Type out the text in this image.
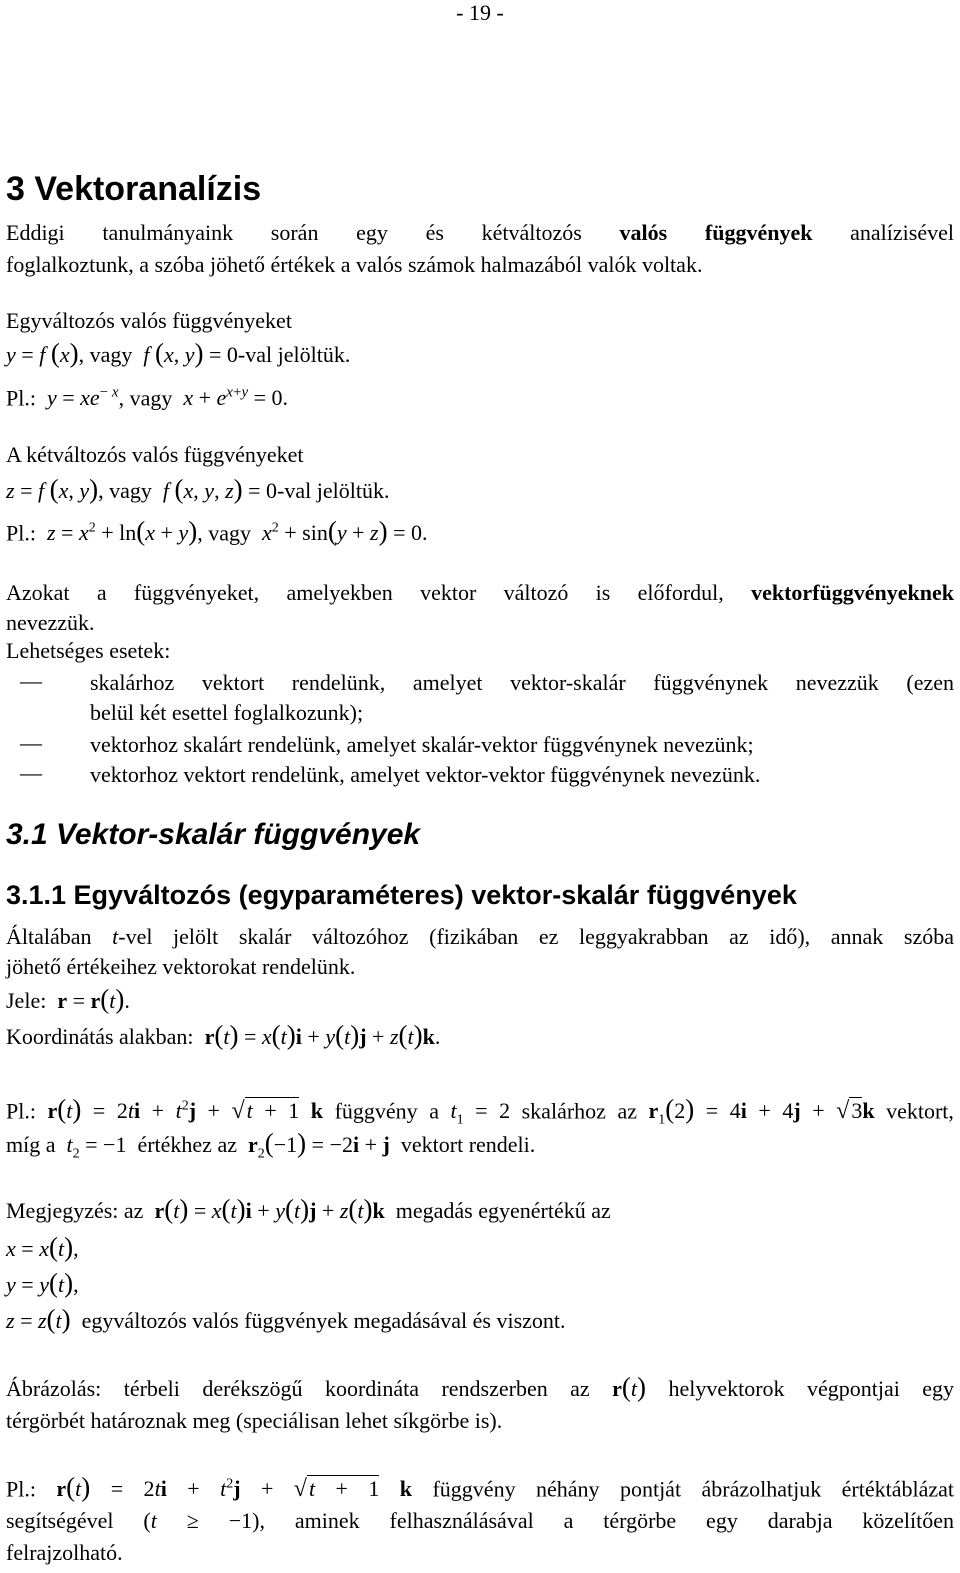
- 19 -
3 Vektoranalízis
Eddigi tanulmányaink során egy és kétváltozós valós függvények analízisével
foglalkoztunk, a szóba jöhető értékek a valós számok halmazából valók voltak.
Egyváltozós valós függvényeket
y = f (x), vagy f (x, y) = 0-val jelöltük.
Pl.: $y = xe^{- x}$, vagy $x + e^{x+y} = 0$.
A kétváltozós valós függvényeket
z = f (x, y), vagy f (x, y, z) = 0-val jelöltük.
Pl.: $z = x^2 + \ln(x + y)$, vagy $x^2 + \sin(y + z) = 0$.
Azokat a függvényeket, amelyekben vektor változó is előfordul, vektorfüggvényeknek
nevezzük.
Lehetséges esetek:
—	skalárhoz vektort rendelünk, amelyet vektor-skalár függvénynek nevezzük (ezen
belül két esettel foglalkozunk);
—	vektorhoz skalárt rendelünk, amelyet skalár-vektor függvénynek nevezünk;
—	vektorhoz vektort rendelünk, amelyet vektor-vektor függvénynek nevezünk.
3.1 Vektor-skalár függvények
3.1.1 Egyváltozós (egyparaméteres) vektor-skalár függvények
Általában t-vel jelölt skalár változóhoz (fizikában ez leggyakrabban az idő), annak szóba
jöhető értékeihez vektorokat rendelünk.
Jele: r = r(t).
Koordinátás alakban: r(t) = x(t)i + y(t)j + z(t)k.
Pl.: $r(t) = 2ti + t^2j + √t + 1$ k függvény a $t_1 = 2$ skalárhoz az $r_1(2) = 4i + 4j + √3k$ vektort,
míg a $t_2 = -1$ értékhez az $r_2(-1) = -2i + j$ vektort rendeli.
Megjegyzés: az r(t) = x(t)i + y(t)j + z(t)k megadás egyenértékű az
x = x(t),
y = y(t),
z = z(t) egyváltozós valós függvények megadásával és viszont.
Ábrázolás: térbeli derékszögű koordináta rendszerben az r(t) helyvektorok végpontjai egy
térgörbét határoznak meg (speciálisan lehet síkgörbe is).
Pl.: $r(t) = 2ti + t^2j + √t + 1$ k függvény néhány pontját ábrázolhatjuk értéktáblázat
segítségével (t ≥ −1), aminek felhasználásával a térgörbe egy darabja közelítően
felrajzolható.
